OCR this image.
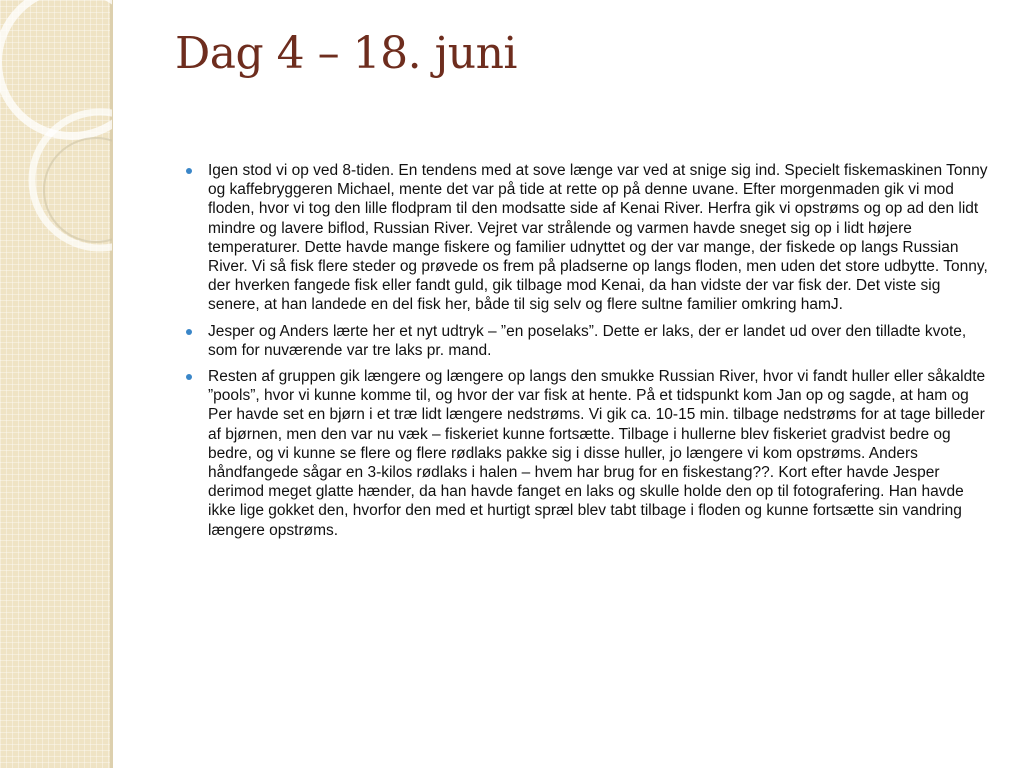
Dag 4 – 18. juni
Igen stod vi op ved 8-tiden. En tendens med at sove længe var ved at snige sig ind. Specielt fiskemaskinen Tonny og kaffebryggeren Michael, mente det var på tide at rette op på denne uvane. Efter morgenmaden gik vi mod floden, hvor vi tog den lille flodpram til den modsatte side af Kenai River. Herfra gik vi opstrøms og op ad den lidt mindre og lavere biflod, Russian River. Vejret var strålende og varmen havde sneget sig op i lidt højere temperaturer. Dette havde mange fiskere og familier udnyttet og der var mange, der fiskede op langs Russian River. Vi så fisk flere steder og prøvede os frem på pladserne op langs floden, men uden det store udbytte. Tonny, der hverken fangede fisk eller fandt guld, gik tilbage mod Kenai, da han vidste der var fisk der. Det viste sig senere, at han landede en del fisk her, både til sig selv og flere sultne familier omkring hamJ.
Jesper og Anders lærte her et nyt udtryk – ”en poselaks”. Dette er laks, der er landet ud over den tilladte kvote, som for nuværende var tre laks pr. mand.
Resten af gruppen gik længere og længere op langs den smukke Russian River, hvor vi fandt huller eller såkaldte ”pools”, hvor vi kunne komme til, og hvor der var fisk at hente. På et tidspunkt kom Jan op og sagde, at ham og Per havde set en bjørn i et træ lidt længere nedstrøms. Vi gik ca. 10-15 min. tilbage nedstrøms for at tage billeder af bjørnen, men den var nu væk – fiskeriet kunne fortsætte. Tilbage i hullerne blev fiskeriet gradvist bedre og bedre, og vi kunne se flere og flere rødlaks pakke sig i disse huller, jo længere vi kom opstrøms. Anders håndfangede sågar en 3-kilos rødlaks i halen – hvem har brug for en fiskestang??. Kort efter havde Jesper derimod meget glatte hænder, da han havde fanget en laks og skulle holde den op til fotografering. Han havde ikke lige gokket den, hvorfor den med et hurtigt spræl blev tabt tilbage i floden og kunne fortsætte sin vandring længere opstrøms.
